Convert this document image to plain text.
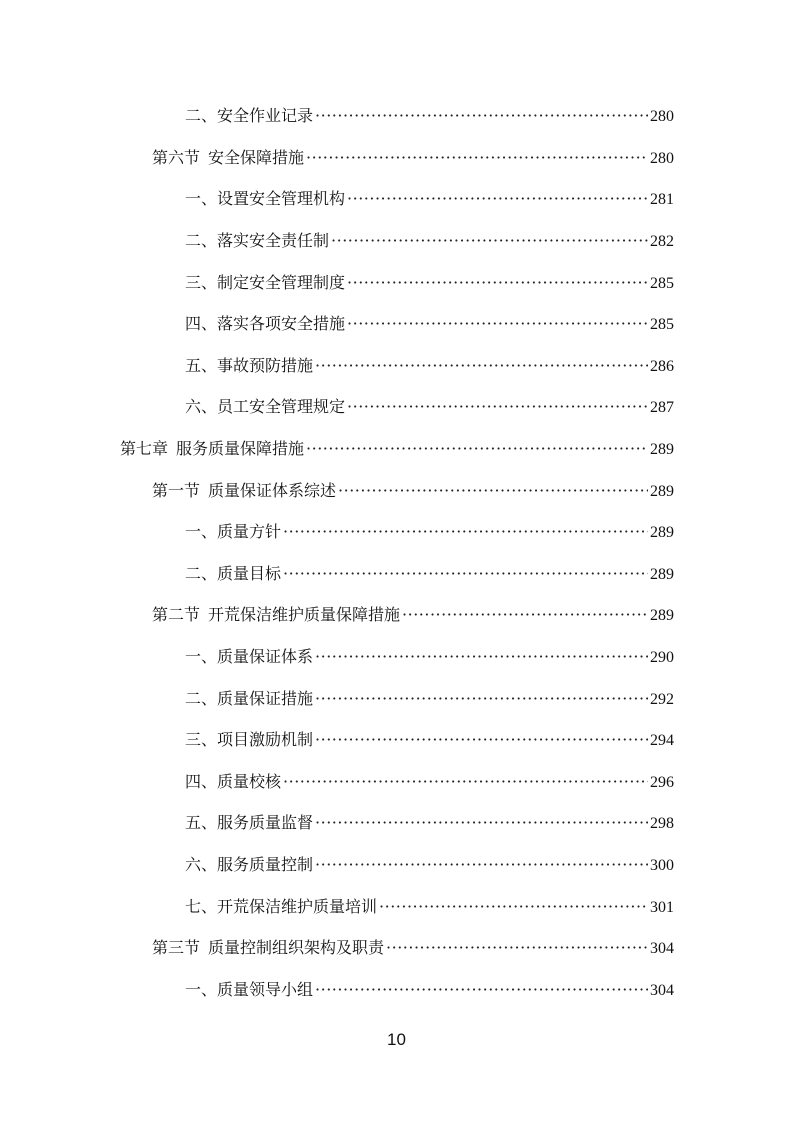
二、安全作业记录 ·····	280
第六节 安全保障措施 ·····	280
一、设置安全管理机构 ·····	281
二、落实安全责任制 ·····	282
三、制定安全管理制度 ·····	285
四、落实各项安全措施 ·····	285
五、事故预防措施 ·····	286
六、员工安全管理规定 ·····	287
第七章 服务质量保障措施 ·····	289
第一节 质量保证体系综述 ·····	289
一、质量方针 ·····	289
二、质量目标 ·····	289
第二节 开荒保洁维护质量保障措施 ·····	289
一、质量保证体系 ·····	290
二、质量保证措施 ·····	292
三、项目激励机制 ·····	294
四、质量校核 ·····	296
五、服务质量监督 ·····	298
六、服务质量控制 ·····	300
七、开荒保洁维护质量培训 ·····	301
第三节 质量控制组织架构及职责 ·····	304
一、质量领导小组 ·····	304
10
